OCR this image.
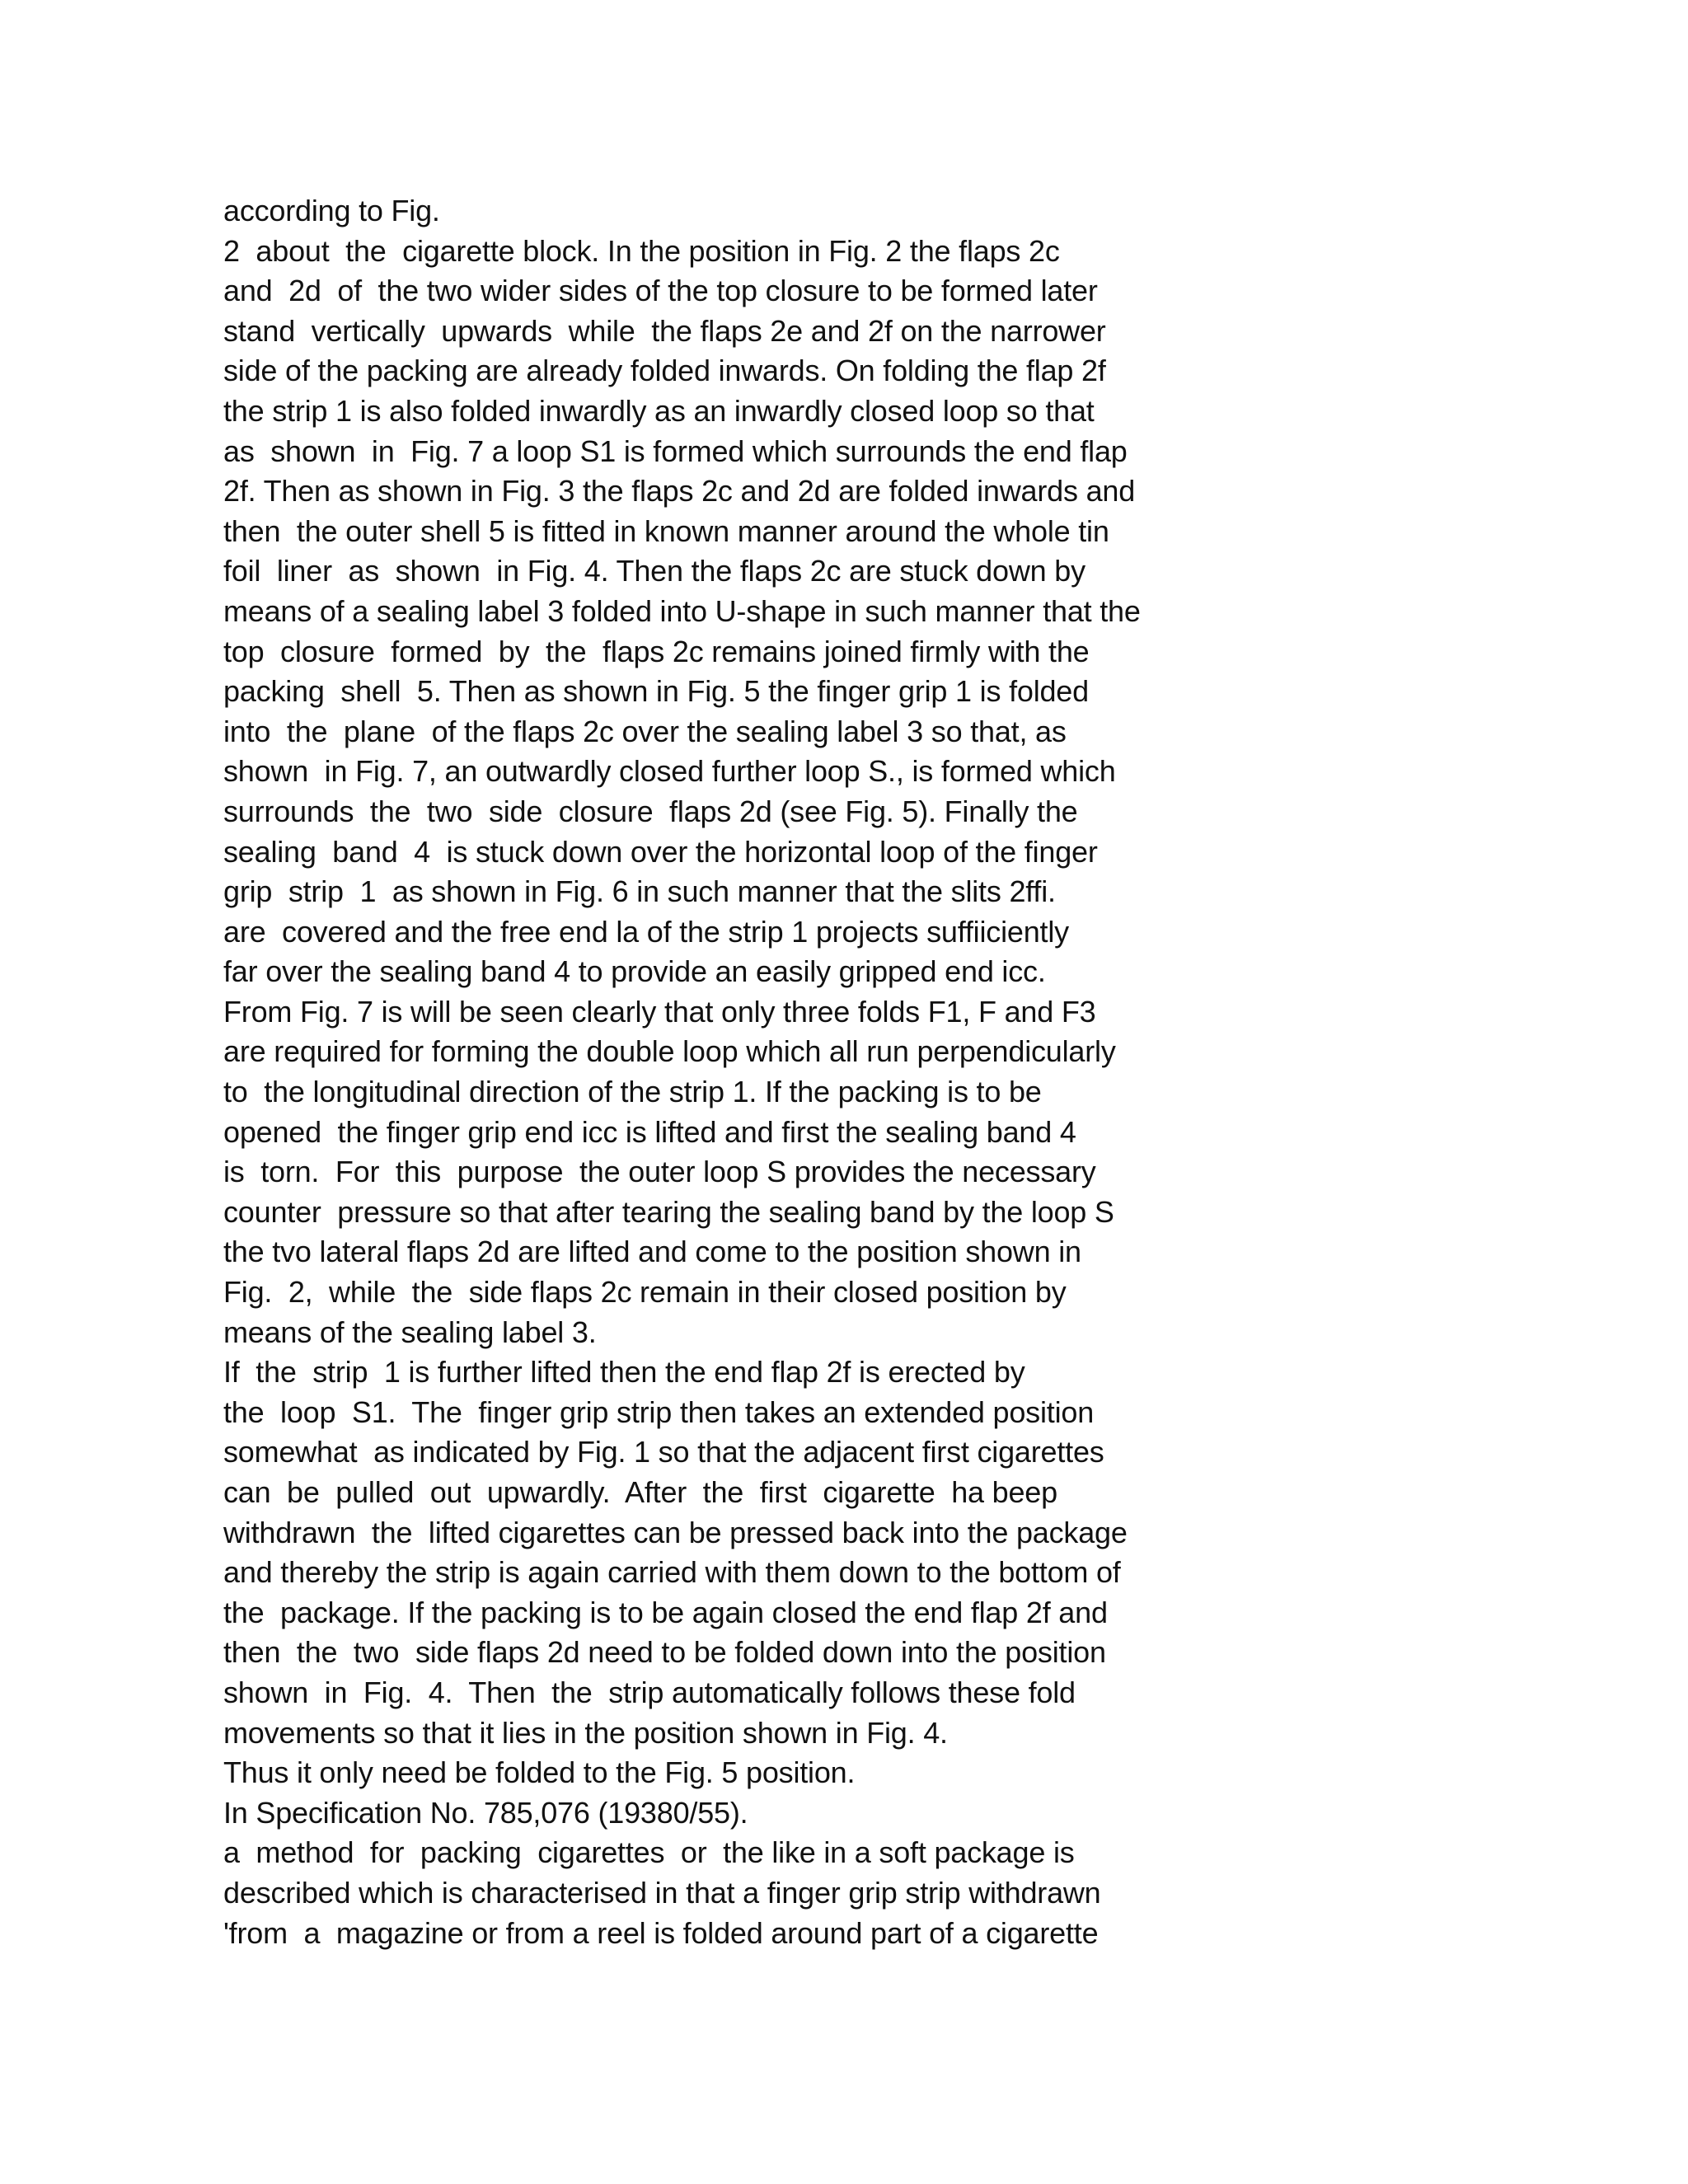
according to Fig.
2  about  the  cigarette block. In the position in Fig. 2 the flaps 2c
and  2d  of  the two wider sides of the top closure to be formed later
stand  vertically  upwards  while  the flaps 2e and 2f on the narrower
side of the packing are already folded inwards. On folding the flap 2f
the strip 1 is also folded inwardly as an inwardly closed loop so that
as  shown  in  Fig. 7 a loop S1 is formed which surrounds the end flap
2f. Then as shown in Fig. 3 the flaps 2c and 2d are folded inwards and
then  the outer shell 5 is fitted in known manner around the whole tin
foil  liner  as  shown  in Fig. 4. Then the flaps 2c are stuck down by
means of a sealing label 3 folded into U-shape in such manner that the
top  closure  formed  by  the  flaps 2c remains joined firmly with the
packing  shell  5. Then as shown in Fig. 5 the finger grip 1 is folded
into  the  plane  of the flaps 2c over the sealing label 3 so that, as
shown  in Fig. 7, an outwardly closed further loop S., is formed which
surrounds  the  two  side  closure  flaps 2d (see Fig. 5). Finally the
sealing  band  4  is stuck down over the horizontal loop of the finger
grip  strip  1  as shown in Fig. 6 in such manner that the slits 2ffi.
are  covered and the free end la of the strip 1 projects suffiiciently
far over the sealing band 4 to provide an easily gripped end icc.
From Fig. 7 is will be seen clearly that only three folds F1, F and F3
are required for forming the double loop which all run perpendicularly
to  the longitudinal direction of the strip 1. If the packing is to be
opened  the finger grip end icc is lifted and first the sealing band 4
is  torn.  For  this  purpose  the outer loop S provides the necessary
counter  pressure so that after tearing the sealing band by the loop S
the tvo lateral flaps 2d are lifted and come to the position shown in
Fig.  2,  while  the  side flaps 2c remain in their closed position by
means of the sealing label 3.
If  the  strip  1 is further lifted then the end flap 2f is erected by
the  loop  S1.  The  finger grip strip then takes an extended position
somewhat  as indicated by Fig. 1 so that the adjacent first cigarettes
can  be  pulled  out  upwardly.  After  the  first  cigarette  ha beep
withdrawn  the  lifted cigarettes can be pressed back into the package
and thereby the strip is again carried with them down to the bottom of
the  package. If the packing is to be again closed the end flap 2f and
then  the  two  side flaps 2d need to be folded down into the position
shown  in  Fig.  4.  Then  the  strip automatically follows these fold
movements so that it lies in the position shown in Fig. 4.
Thus it only need be folded to the Fig. 5 position.
In Specification No. 785,076 (19380/55).
a  method  for  packing  cigarettes  or  the like in a soft package is
described which is characterised in that a finger grip strip withdrawn
'from  a  magazine or from a reel is folded around part of a cigarette
